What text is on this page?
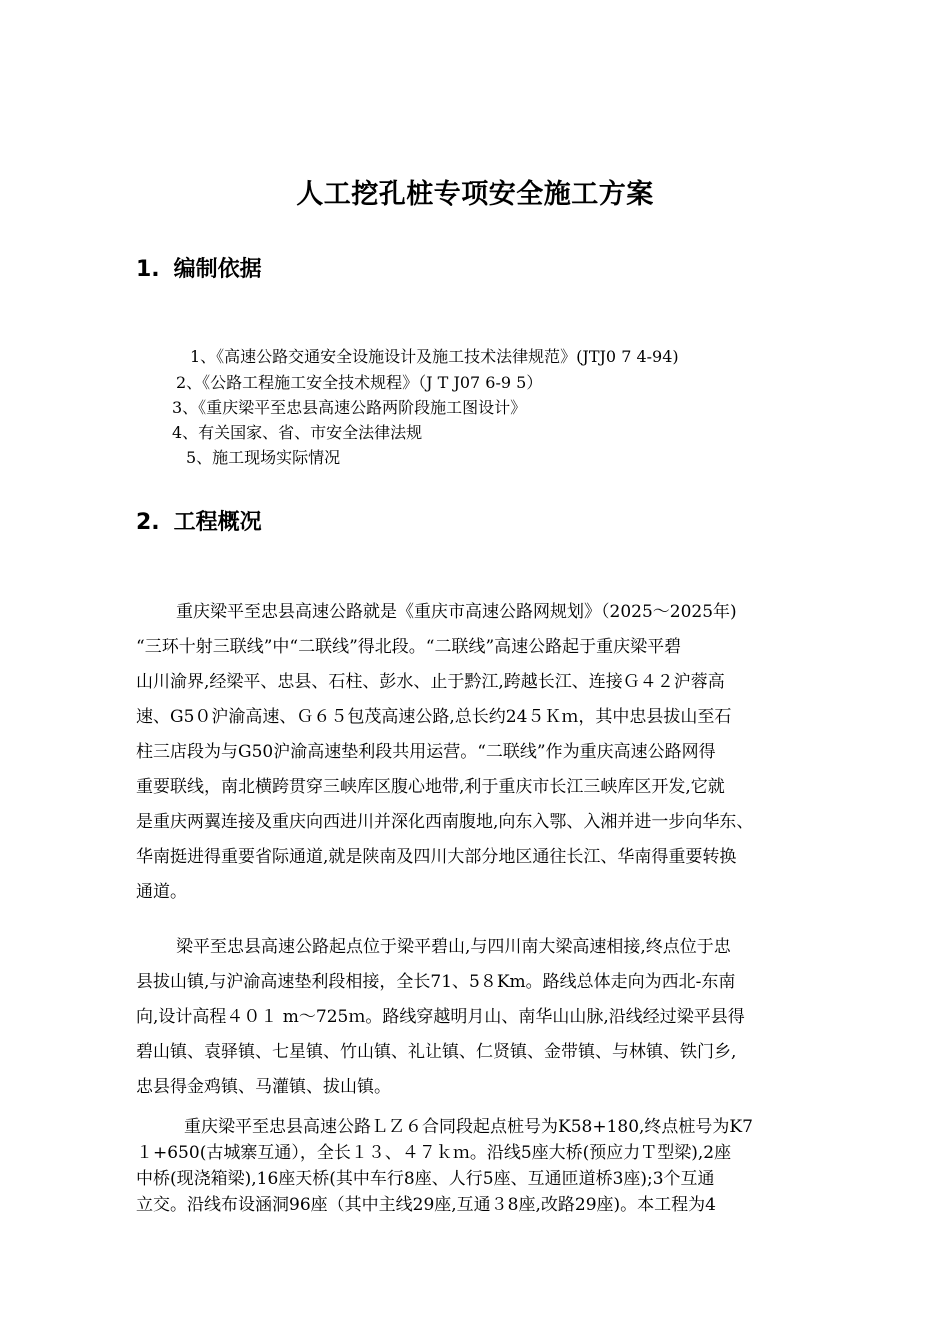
人工挖孔桩专项安全施工方案
1. 编制依据
1、《高速公路交通安全设施设计及施工技术法律规范》(JTJ0 7 4-94)
2、《公路工程施工安全技术规程》（J T J07 6-9 5）
3、《重庆梁平至忠县高速公路两阶段施工图设计》
4、有关国家、省、市安全法律法规
5、施工现场实际情况
2. 工程概况
重庆梁平至忠县高速公路就是《重庆市高速公路网规划》（2025～2025年)
“三环十射三联线”中“二联线”得北段。“二联线”高速公路起于重庆梁平碧
山川渝界,经梁平、忠县、石柱、彭水、止于黔江,跨越长江、连接Ｇ４２沪蓉高
速、G5０沪渝高速、Ｇ６５包茂高速公路,总长约24５Ｋｍ，其中忠县拔山至石
柱三店段为与G50沪渝高速垫利段共用运营。“二联线”作为重庆高速公路网得
重要联线，南北横跨贯穿三峡库区腹心地带,利于重庆市长江三峡库区开发,它就
是重庆两翼连接及重庆向西进川并深化西南腹地,向东入鄂、入湘并进一步向华东、
华南挺进得重要省际通道,就是陕南及四川大部分地区通往长江、华南得重要转换
通道。
梁平至忠县高速公路起点位于梁平碧山,与四川南大梁高速相接,终点位于忠
县拔山镇,与沪渝高速垫利段相接，全长71、5８Km。路线总体走向为西北-东南
向,设计高程４０１ m～725ｍ。路线穿越明月山、南华山山脉,沿线经过梁平县得
碧山镇、袁驿镇、七星镇、竹山镇、礼让镇、仁贤镇、金带镇、与林镇、铁门乡,
忠县得金鸡镇、马灌镇、拔山镇。
重庆梁平至忠县高速公路ＬＺ６合同段起点桩号为K58+180,终点桩号为K7
１+650(古城寨互通），全长１３、４７ｋｍ。沿线5座大桥(预应力Ｔ型梁),2座
中桥(现浇箱梁),16座天桥(其中车行8座、人行5座、互通匝道桥3座);3个互通
立交。沿线布设涵洞96座（其中主线29座,互通３8座,改路29座)。本工程为4
